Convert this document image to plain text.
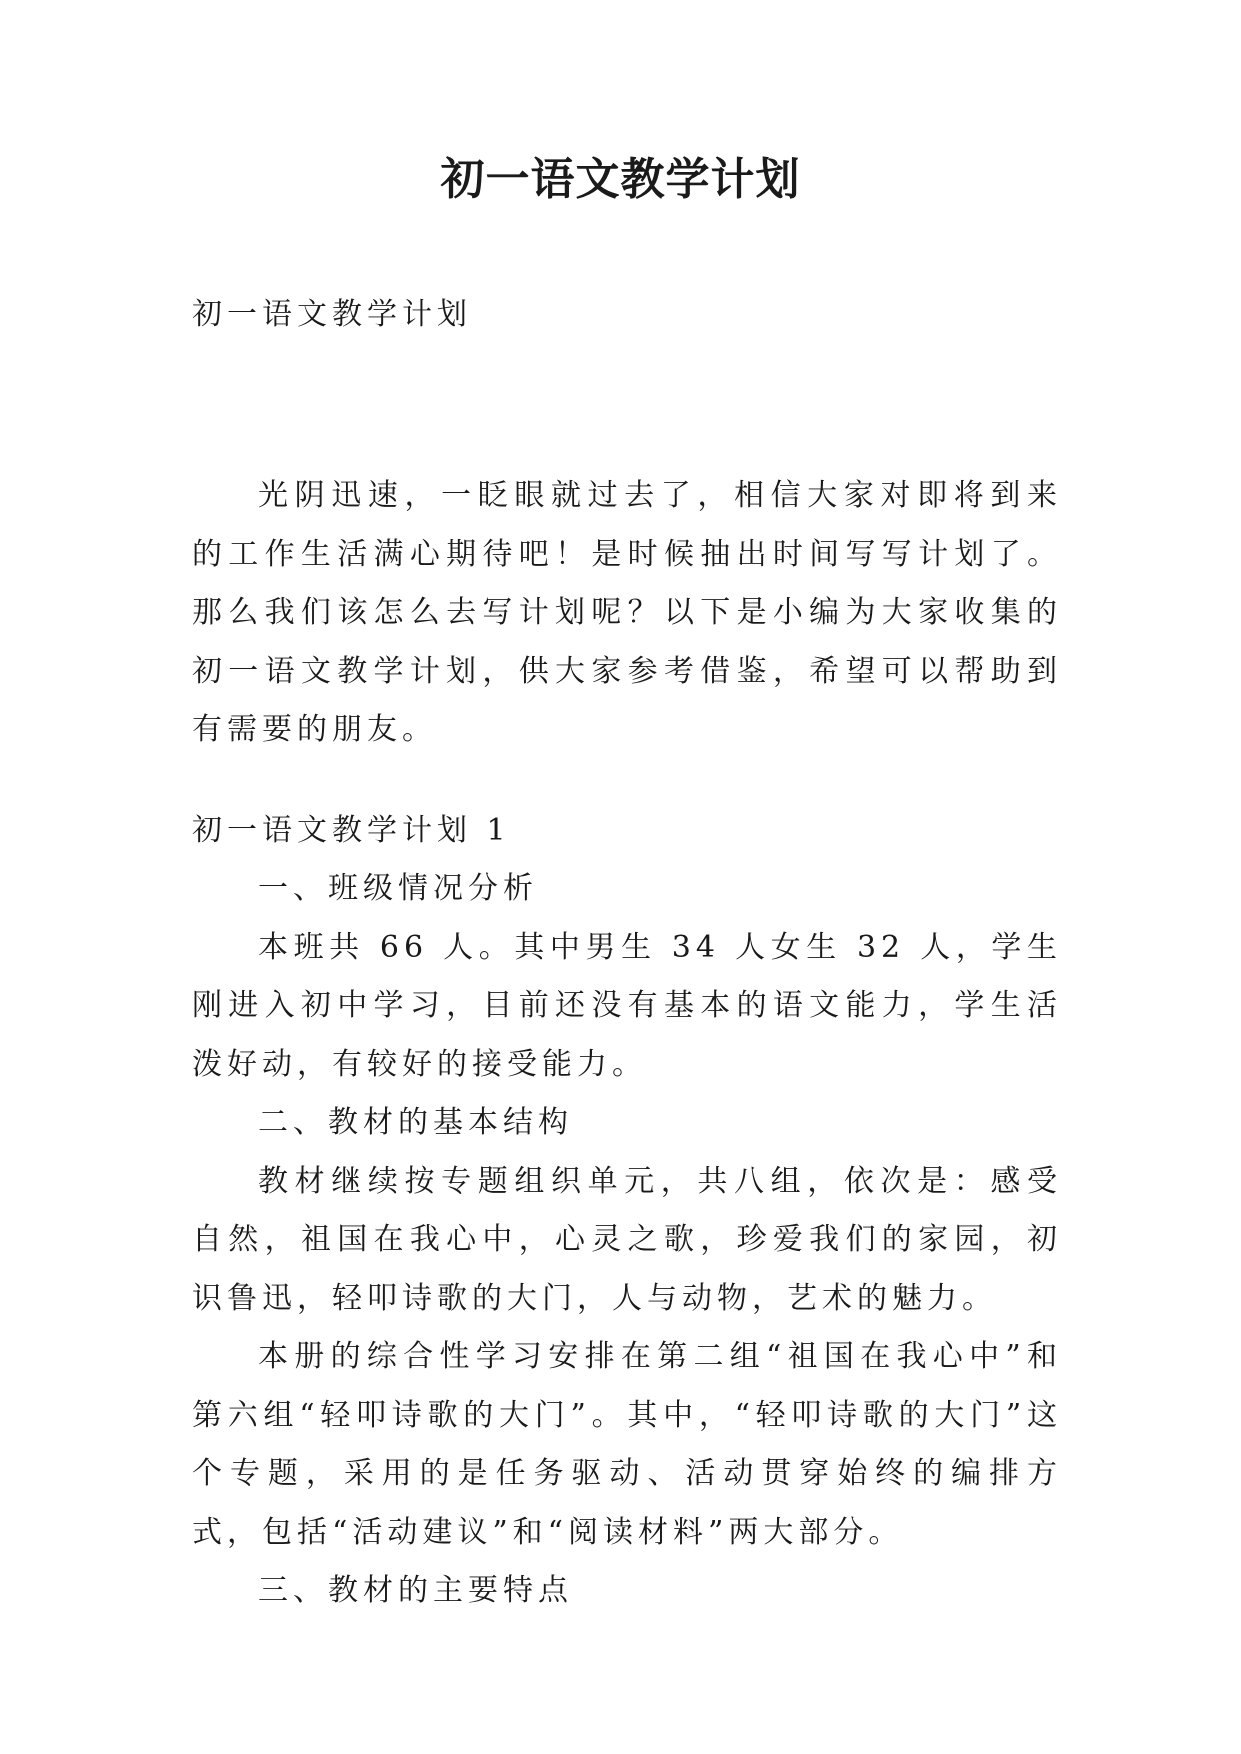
初一语文教学计划

初一语文教学计划

光阴迅速，一眨眼就过去了，相信大家对即将到来的工作生活满心期待吧！是时候抽出时间写写计划了。那么我们该怎么去写计划呢？以下是小编为大家收集的初一语文教学计划，供大家参考借鉴，希望可以帮助到有需要的朋友。

初一语文教学计划 1

一、班级情况分析

本班共 66 人。其中男生 34 人女生 32 人，学生刚进入初中学习，目前还没有基本的语文能力，学生活泼好动，有较好的接受能力。

二、教材的基本结构

教材继续按专题组织单元，共八组，依次是：感受自然，祖国在我心中，心灵之歌，珍爱我们的家园，初识鲁迅，轻叩诗歌的大门，人与动物，艺术的魅力。

本册的综合性学习安排在第二组“祖国在我心中”和第六组“轻叩诗歌的大门”。其中，“轻叩诗歌的大门”这个专题，采用的是任务驱动、活动贯穿始终的编排方式，包括“活动建议”和“阅读材料”两大部分。

三、教材的主要特点
